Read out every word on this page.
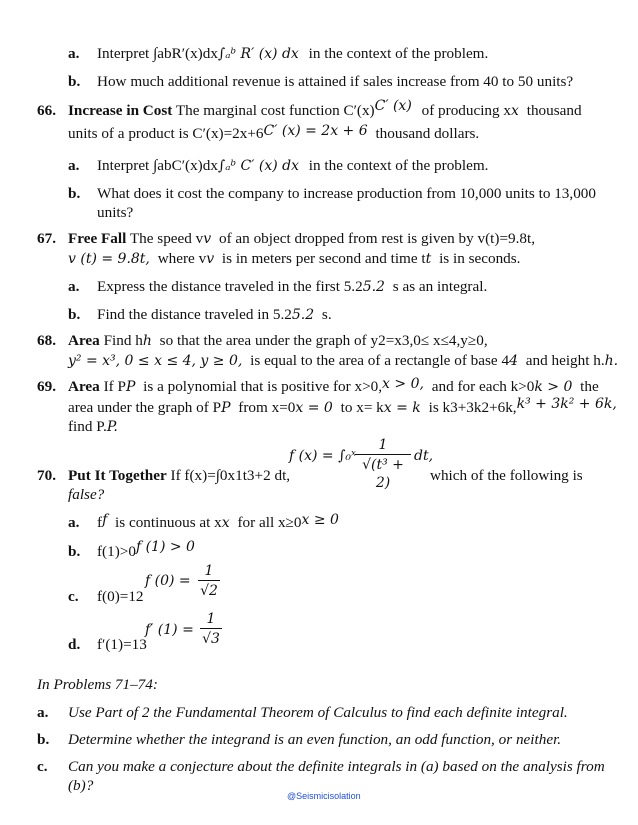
a. Interpret ∫abR′(x)dx∫ₐᵇ R′ (x) dx in the context of the problem.
b. How much additional revenue is attained if sales increase from 40 to 50 units?
66. Increase in Cost The marginal cost function C′(x)C′ (x) of producing xx thousand
units of a product is C′(x)=2x+6C′ (x) = 2x + 6 thousand dollars.
a. Interpret ∫abC′(x)dx∫ₐᵇ C′ (x) dx in the context of the problem.
b. What does it cost the company to increase production from 10,000 units to 13,000
units?
67. Free Fall The speed vv of an object dropped from rest is given by v(t)=9.8t,
v (t) = 9.8t, where vv is in meters per second and time tt is in seconds.
a. Express the distance traveled in the first 5.25.2 s as an integral.
b. Find the distance traveled in 5.25.2 s.
68. Area Find hh so that the area under the graph of y2=x3,0≤ x≤4,y≥0,
y² = x³, 0 ≤ x ≤ 4, y ≥ 0, is equal to the area of a rectangle of base 44 and height h.h.
69. Area If PP is a polynomial that is positive for x>0,x > 0, and for each k>0k > 0 the
area under the graph of PP from x=0x = 0 to x= kx = k is k3+3k2+6k,k³ + 3k² + 6k,
find P.P.
f (x) = ∫₀ˣ
1
√(t³ + 2)
dt,
70. Put It Together If f(x)=∫0x1t3+2 dt,	which of the following is
false?
a. ff is continuous at xx for all x≥0x ≥ 0
b. f(1)>0f (1) > 0
f (0) =
1
√2
c. f(0)=12
f′ (1) =
1
√3
d. f′(1)=13
In Problems 71–74:
a. Use Part of 2 the Fundamental Theorem of Calculus to find each definite integral.
b. Determine whether the integrand is an even function, an odd function, or neither.
c. Can you make a conjecture about the definite integrals in (a) based on the analysis from
(b)?
@Seismicisolation
